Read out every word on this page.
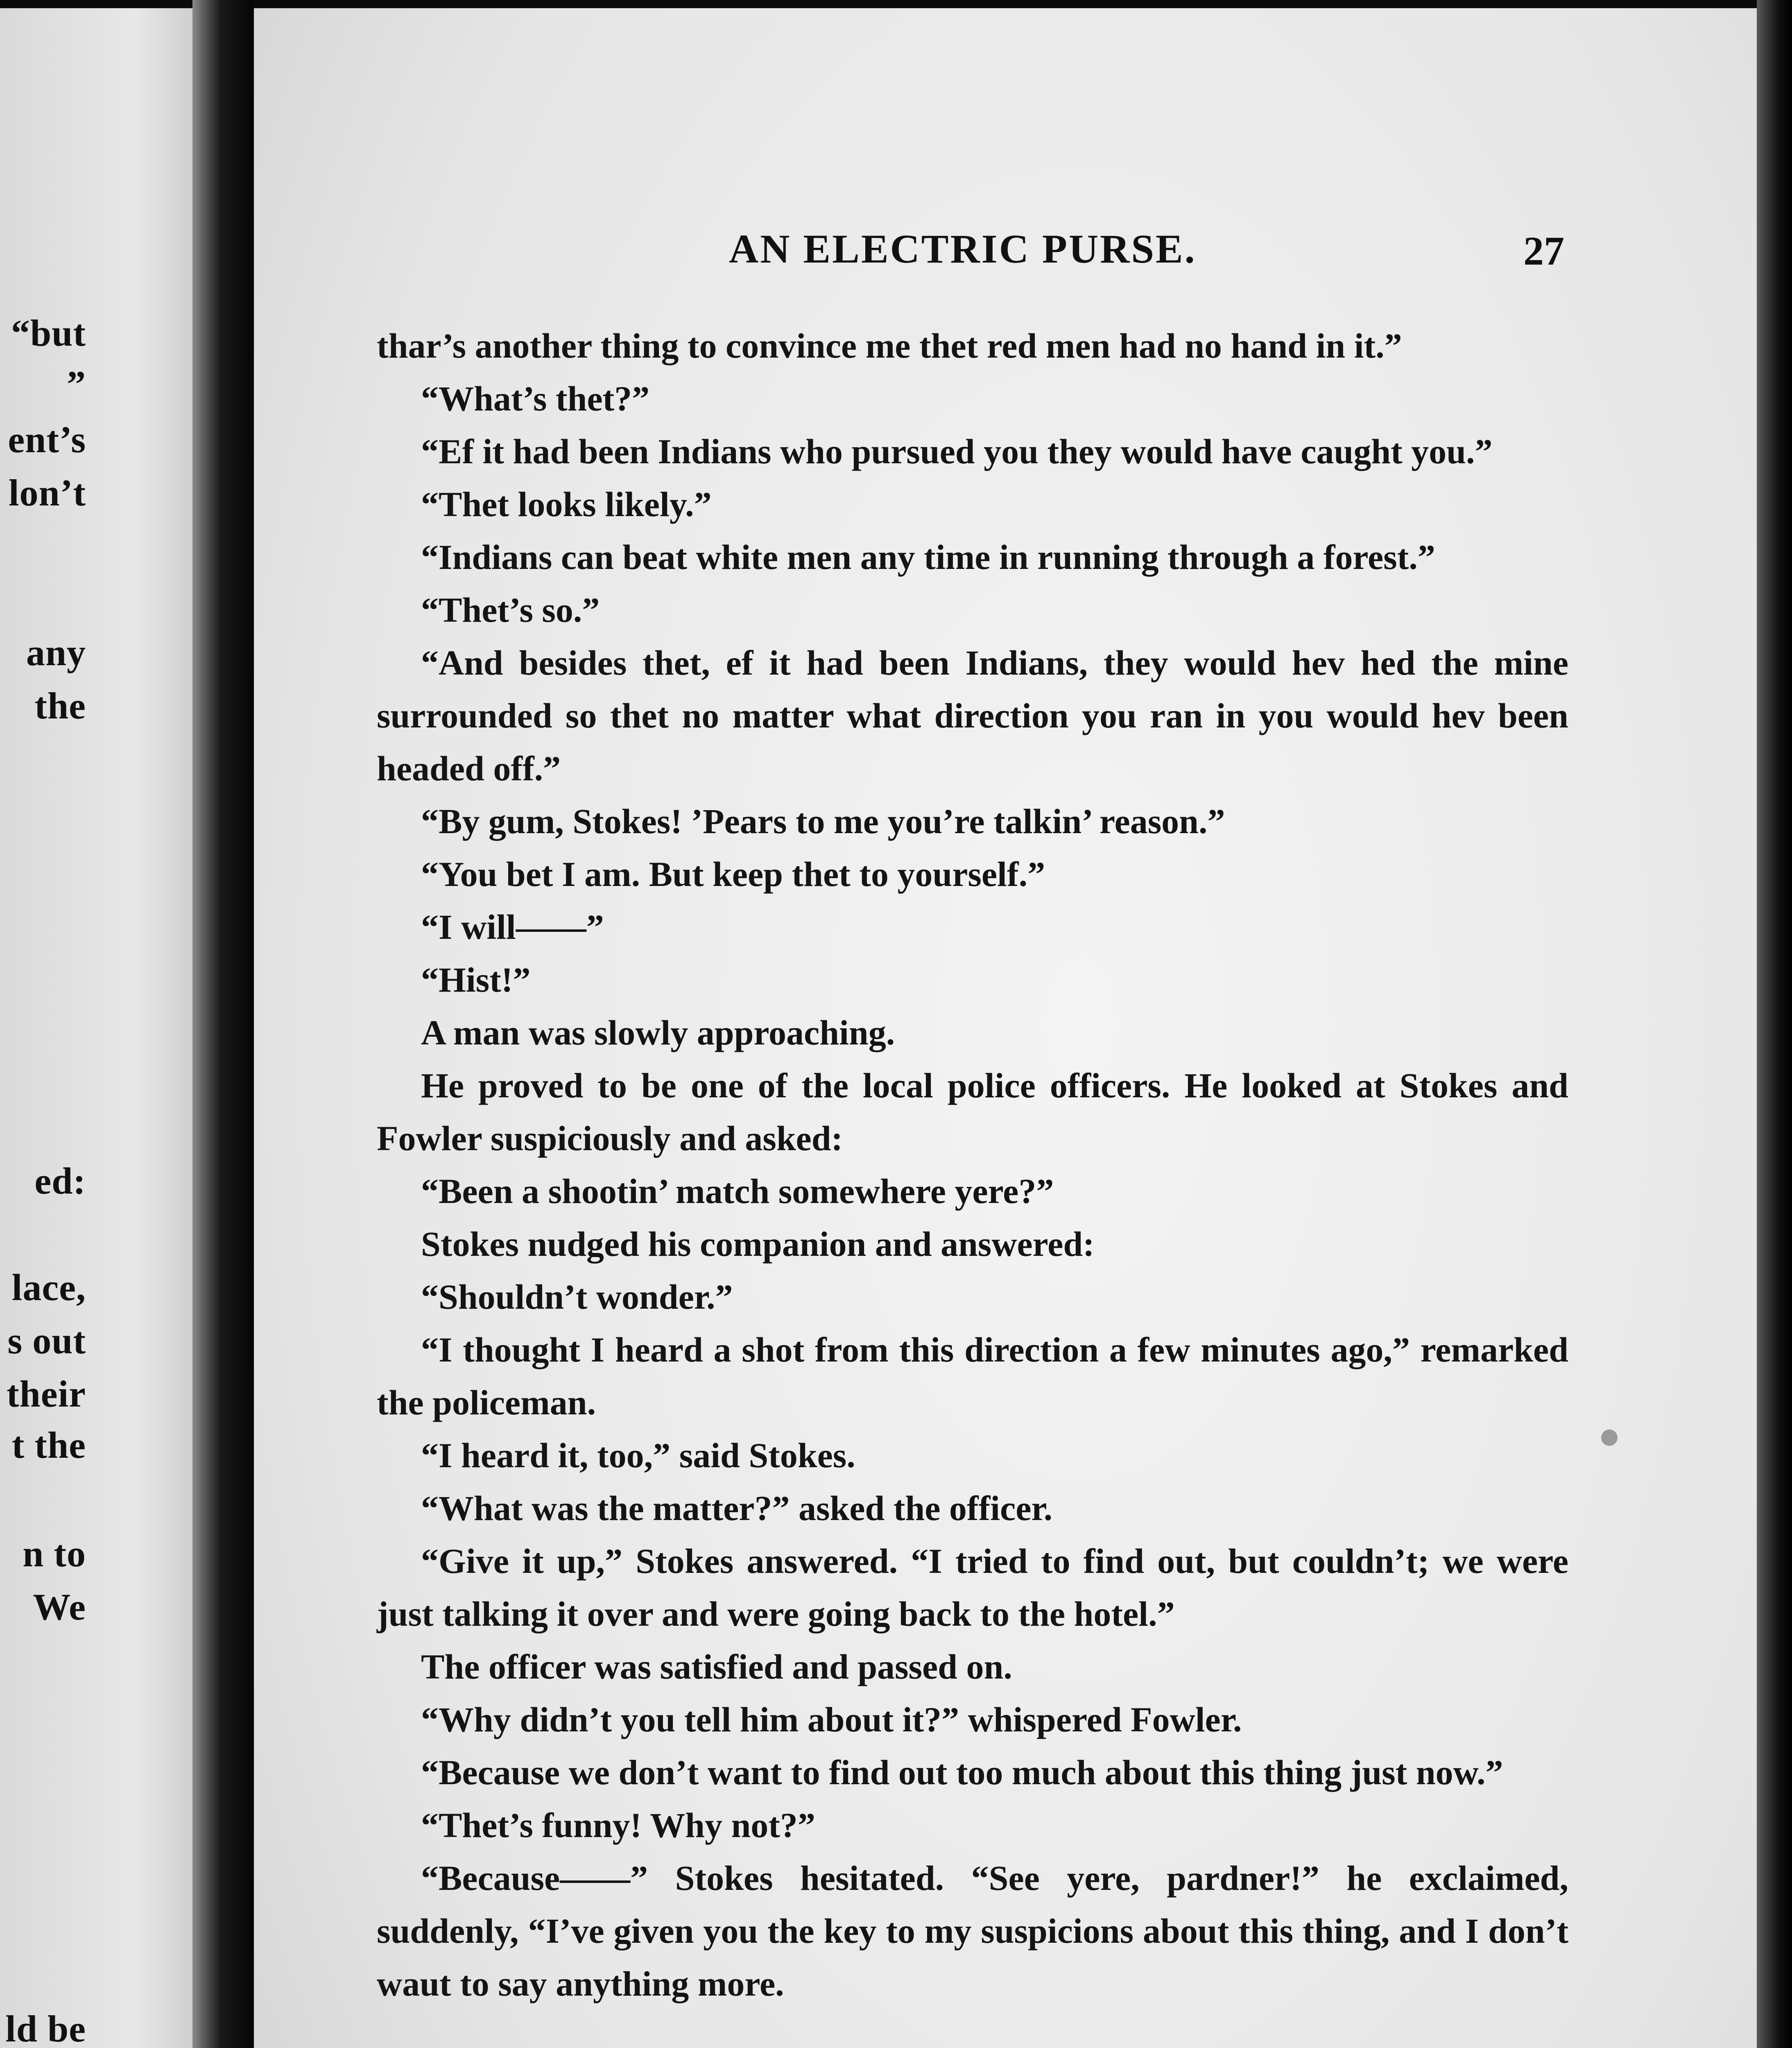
“but
”
ent’s
lon’t
any
the
ed:
lace,
s out
their
t the
n to
We
ld be
AN ELECTRIC PURSE.	27

thar’s another thing to convince me thet red men had no hand in it.”

“What’s thet?”

“Ef it had been Indians who pursued you they would have caught you.”

“Thet looks likely.”

“Indians can beat white men any time in running through a forest.”

“Thet’s so.”

“And besides thet, ef it had been Indians, they would hev hed the mine surrounded so thet no matter what direction you ran in you would hev been headed off.”

“By gum, Stokes! ’Pears to me you’re talkin’ reason.”

“You bet I am. But keep thet to yourself.”

“I will——”

“Hist!”

A man was slowly approaching.

He proved to be one of the local police officers. He looked at Stokes and Fowler suspiciously and asked:

“Been a shootin’ match somewhere yere?”

Stokes nudged his companion and answered:

“Shouldn’t wonder.”

“I thought I heard a shot from this direction a few minutes ago,” remarked the policeman.

“I heard it, too,” said Stokes.

“What was the matter?” asked the officer.

“Give it up,” Stokes answered. “I tried to find out, but couldn’t; we were just talking it over and were going back to the hotel.”

The officer was satisfied and passed on.

“Why didn’t you tell him about it?” whispered Fowler.

“Because we don’t want to find out too much about this thing just now.”

“Thet’s funny! Why not?”

“Because——” Stokes hesitated. “See yere, pardner!” he exclaimed, suddenly, “I’ve given you the key to my suspicions about this thing, and I don’t waut to say anything more.
